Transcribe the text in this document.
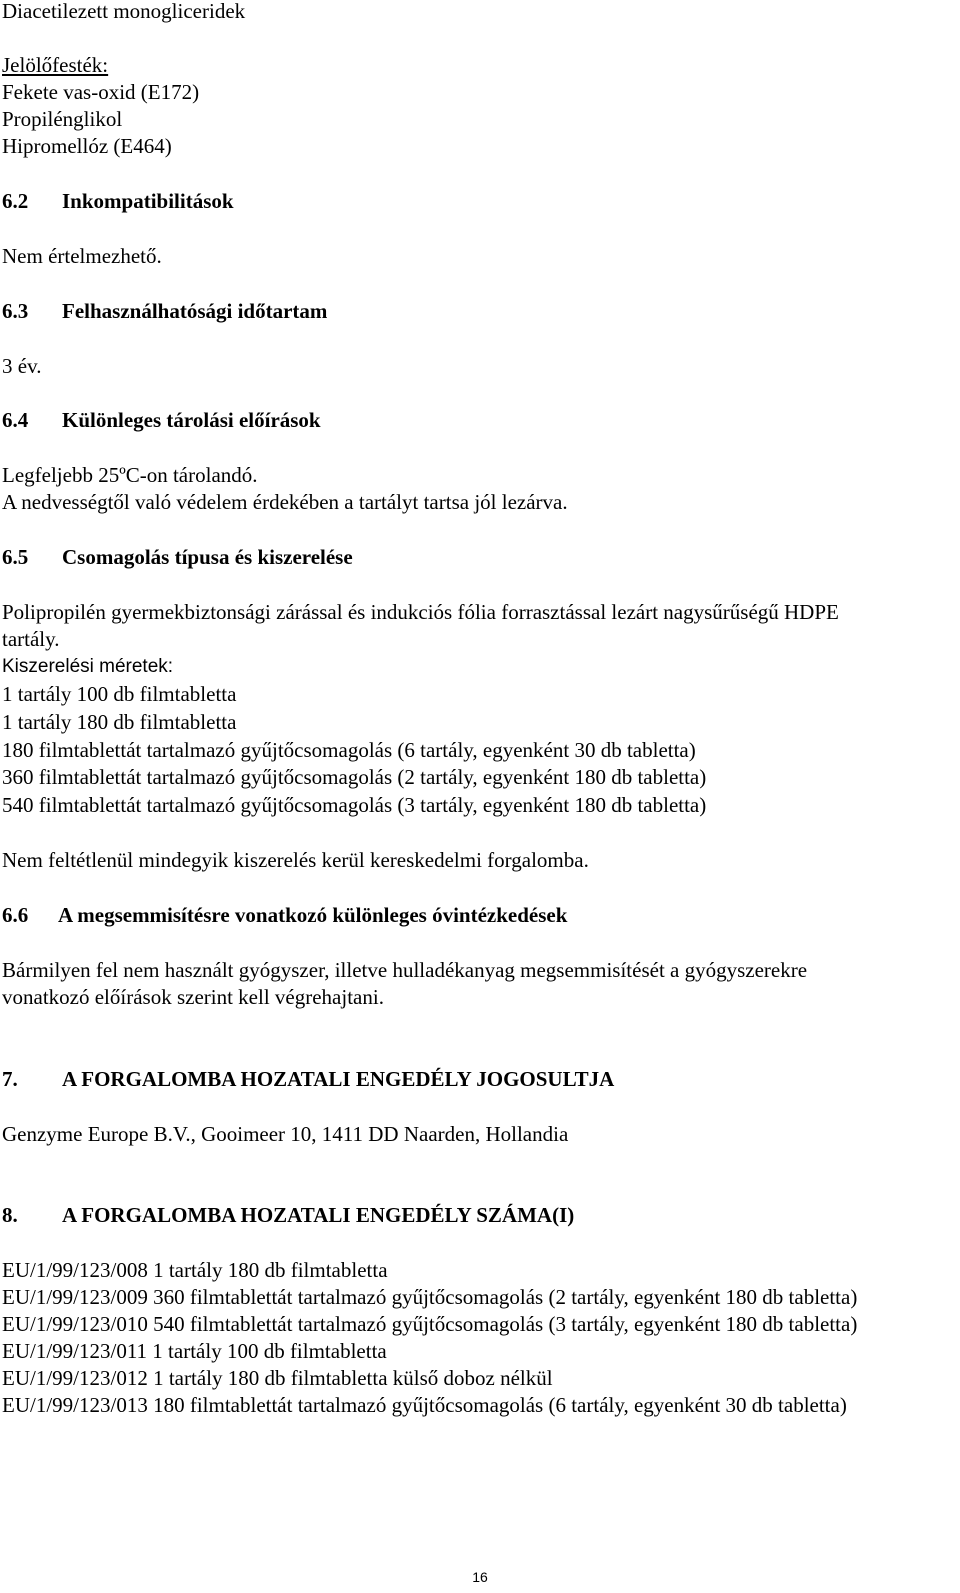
Diacetilezett monogliceridek
Jelölőfesték:
Fekete vas-oxid (E172)
Propilénglikol
Hipromellóz (E464)
6.2 Inkompatibilitások
Nem értelmezhető.
6.3 Felhasználhatósági időtartam
3 év.
6.4 Különleges tárolási előírások
Legfeljebb 25ºC-on tárolandó.
A nedvességtől való védelem érdekében a tartályt tartsa jól lezárva.
6.5 Csomagolás típusa és kiszerelése
Polipropilén gyermekbiztonsági zárással és indukciós fólia forrasztással lezárt nagysűrűségű HDPE
tartály.
Kiszerelési méretek:
1 tartály 100 db filmtabletta
1 tartály 180 db filmtabletta
180 filmtablettát tartalmazó gyűjtőcsomagolás (6 tartály, egyenként 30 db tabletta)
360 filmtablettát tartalmazó gyűjtőcsomagolás (2 tartály, egyenként 180 db tabletta)
540 filmtablettát tartalmazó gyűjtőcsomagolás (3 tartály, egyenként 180 db tabletta)
Nem feltétlenül mindegyik kiszerelés kerül kereskedelmi forgalomba.
6.6 A megsemmisítésre vonatkozó különleges óvintézkedések
Bármilyen fel nem használt gyógyszer, illetve hulladékanyag megsemmisítését a gyógyszerekre
vonatkozó előírások szerint kell végrehajtani.
7. A FORGALOMBA HOZATALI ENGEDÉLY JOGOSULTJA
Genzyme Europe B.V., Gooimeer 10, 1411 DD Naarden, Hollandia
8. A FORGALOMBA HOZATALI ENGEDÉLY SZÁMA(I)
EU/1/99/123/008 1 tartály 180 db filmtabletta
EU/1/99/123/009 360 filmtablettát tartalmazó gyűjtőcsomagolás (2 tartály, egyenként 180 db tabletta)
EU/1/99/123/010 540 filmtablettát tartalmazó gyűjtőcsomagolás (3 tartály, egyenként 180 db tabletta)
EU/1/99/123/011 1 tartály 100 db filmtabletta
EU/1/99/123/012 1 tartály 180 db filmtabletta külső doboz nélkül
EU/1/99/123/013 180 filmtablettát tartalmazó gyűjtőcsomagolás (6 tartály, egyenként 30 db tabletta)
16
